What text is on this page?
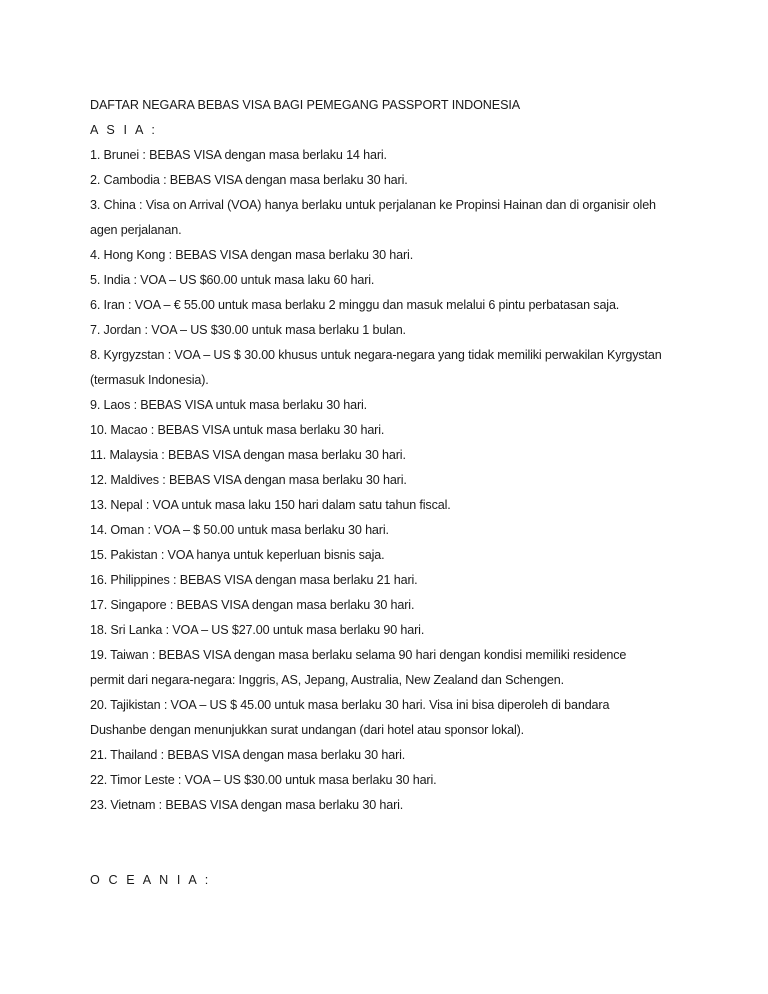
DAFTAR NEGARA BEBAS VISA BAGI PEMEGANG PASSPORT INDONESIA
A S I A :
1. Brunei : BEBAS VISA dengan masa berlaku 14 hari.
2. Cambodia : BEBAS VISA dengan masa berlaku 30 hari.
3. China : Visa on Arrival (VOA) hanya berlaku untuk perjalanan ke Propinsi Hainan dan di organisir oleh
agen perjalanan.
4. Hong Kong : BEBAS VISA dengan masa berlaku 30 hari.
5. India : VOA – US $60.00 untuk masa laku 60 hari.
6. Iran : VOA – € 55.00 untuk masa berlaku 2 minggu dan masuk melalui 6 pintu perbatasan saja.
7. Jordan : VOA – US $30.00 untuk masa berlaku 1 bulan.
8. Kyrgyzstan : VOA – US $ 30.00 khusus untuk negara-negara yang tidak memiliki perwakilan Kyrgystan
(termasuk Indonesia).
9. Laos : BEBAS VISA untuk masa berlaku 30 hari.
10. Macao : BEBAS VISA untuk masa berlaku 30 hari.
11. Malaysia : BEBAS VISA dengan masa berlaku 30 hari.
12. Maldives : BEBAS VISA dengan masa berlaku 30 hari.
13. Nepal : VOA untuk masa laku 150 hari dalam satu tahun fiscal.
14. Oman : VOA – $ 50.00 untuk masa berlaku 30 hari.
15. Pakistan : VOA hanya untuk keperluan bisnis saja.
16. Philippines : BEBAS VISA dengan masa berlaku 21 hari.
17. Singapore : BEBAS VISA dengan masa berlaku 30 hari.
18. Sri Lanka : VOA – US $27.00 untuk masa berlaku 90 hari.
19. Taiwan : BEBAS VISA dengan masa berlaku selama 90 hari dengan kondisi memiliki residence
permit dari negara-negara: Inggris, AS, Jepang, Australia, New Zealand dan Schengen.
20. Tajikistan : VOA – US $ 45.00 untuk masa berlaku 30 hari. Visa ini bisa diperoleh di bandara
Dushanbe dengan menunjukkan surat undangan (dari hotel atau sponsor lokal).
21. Thailand : BEBAS VISA dengan masa berlaku 30 hari.
22. Timor Leste : VOA – US $30.00 untuk masa berlaku 30 hari.
23. Vietnam : BEBAS VISA dengan masa berlaku 30 hari.
O C E A N I A :
